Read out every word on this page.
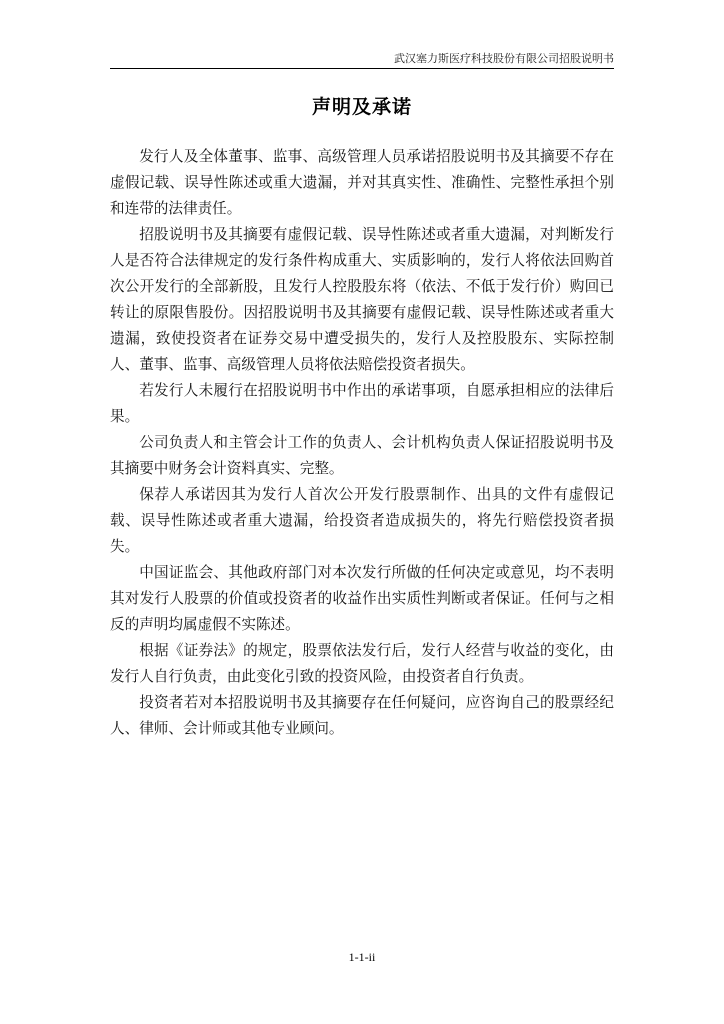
武汉塞力斯医疗科技股份有限公司招股说明书
声明及承诺

发行人及全体董事、监事、高级管理人员承诺招股说明书及其摘要不存在虚假记载、误导性陈述或重大遗漏，并对其真实性、准确性、完整性承担个别和连带的法律责任。

招股说明书及其摘要有虚假记载、误导性陈述或者重大遗漏，对判断发行人是否符合法律规定的发行条件构成重大、实质影响的，发行人将依法回购首次公开发行的全部新股，且发行人控股股东将（依法、不低于发行价）购回已转让的原限售股份。因招股说明书及其摘要有虚假记载、误导性陈述或者重大遗漏，致使投资者在证券交易中遭受损失的，发行人及控股股东、实际控制人、董事、监事、高级管理人员将依法赔偿投资者损失。

若发行人未履行在招股说明书中作出的承诺事项，自愿承担相应的法律后果。

公司负责人和主管会计工作的负责人、会计机构负责人保证招股说明书及其摘要中财务会计资料真实、完整。

保荐人承诺因其为发行人首次公开发行股票制作、出具的文件有虚假记载、误导性陈述或者重大遗漏，给投资者造成损失的，将先行赔偿投资者损失。

中国证监会、其他政府部门对本次发行所做的任何决定或意见，均不表明其对发行人股票的价值或投资者的收益作出实质性判断或者保证。任何与之相反的声明均属虚假不实陈述。

根据《证券法》的规定，股票依法发行后，发行人经营与收益的变化，由发行人自行负责，由此变化引致的投资风险，由投资者自行负责。

投资者若对本招股说明书及其摘要存在任何疑问，应咨询自己的股票经纪人、律师、会计师或其他专业顾问。

1-1-ii
